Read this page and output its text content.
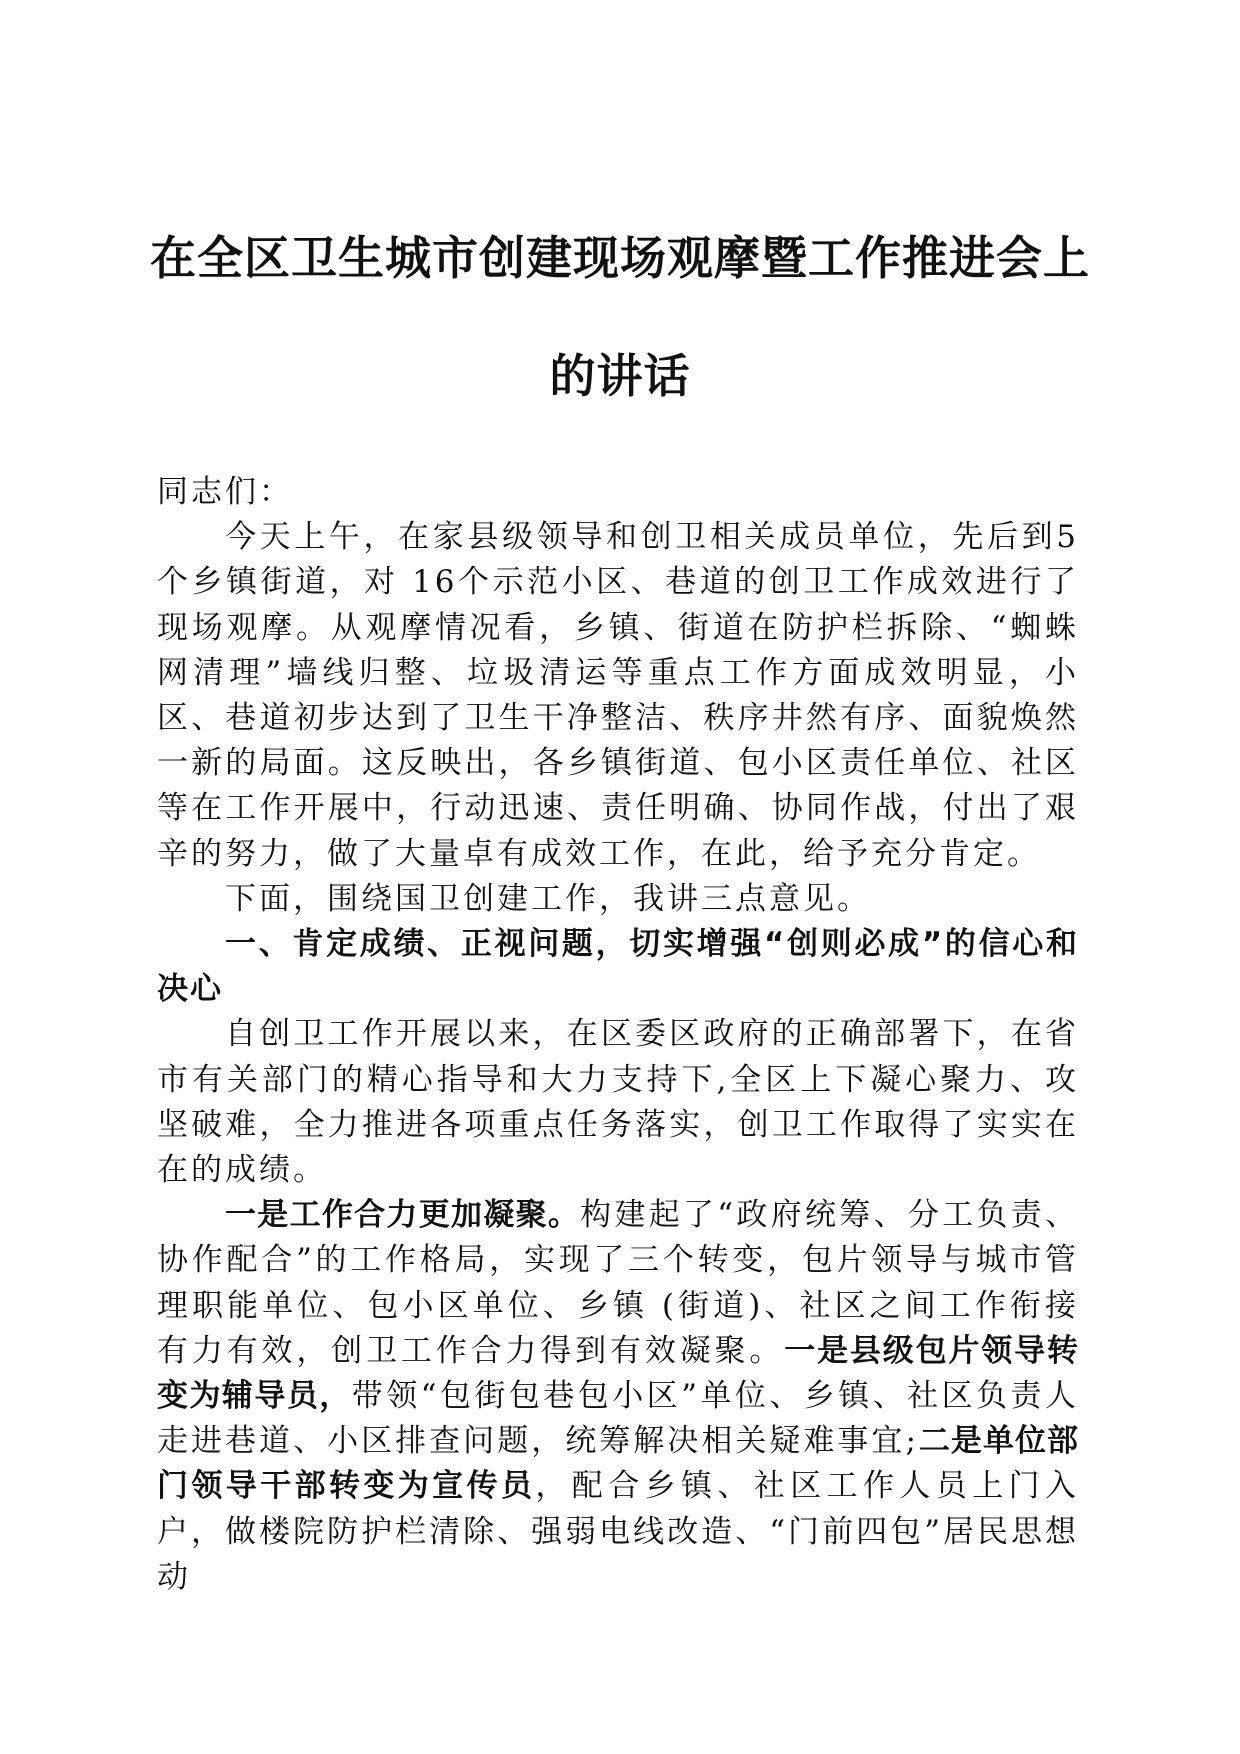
在全区卫生城市创建现场观摩暨工作推进会上
的讲话

同志们：

今天上午，在家县级领导和创卫相关成员单位，先后到5个乡镇街道，对 16个示范小区、巷道的创卫工作成效进行了现场观摩。从观摩情况看，乡镇、街道在防护栏拆除、“蜘蛛网清理”墙线归整、垃圾清运等重点工作方面成效明显，小区、巷道初步达到了卫生干净整洁、秩序井然有序、面貌焕然一新的局面。这反映出，各乡镇街道、包小区责任单位、社区等在工作开展中，行动迅速、责任明确、协同作战，付出了艰辛的努力，做了大量卓有成效工作，在此，给予充分肯定。

下面，围绕国卫创建工作，我讲三点意见。

一、肯定成绩、正视问题，切实增强“创则必成”的信心和决心

自创卫工作开展以来，在区委区政府的正确部署下，在省市有关部门的精心指导和大力支持下,全区上下凝心聚力、攻坚破难，全力推进各项重点任务落实，创卫工作取得了实实在在的成绩。

一是工作合力更加凝聚。构建起了“政府统筹、分工负责、协作配合”的工作格局，实现了三个转变，包片领导与城市管理职能单位、包小区单位、乡镇 (街道)、社区之间工作衔接有力有效，创卫工作合力得到有效凝聚。一是县级包片领导转变为辅导员，带领“包街包巷包小区”单位、乡镇、社区负责人走进巷道、小区排查问题，统筹解决相关疑难事宜;二是单位部门领导干部转变为宣传员，配合乡镇、社区工作人员上门入户，做楼院防护栏清除、强弱电线改造、“门前四包”居民思想动
